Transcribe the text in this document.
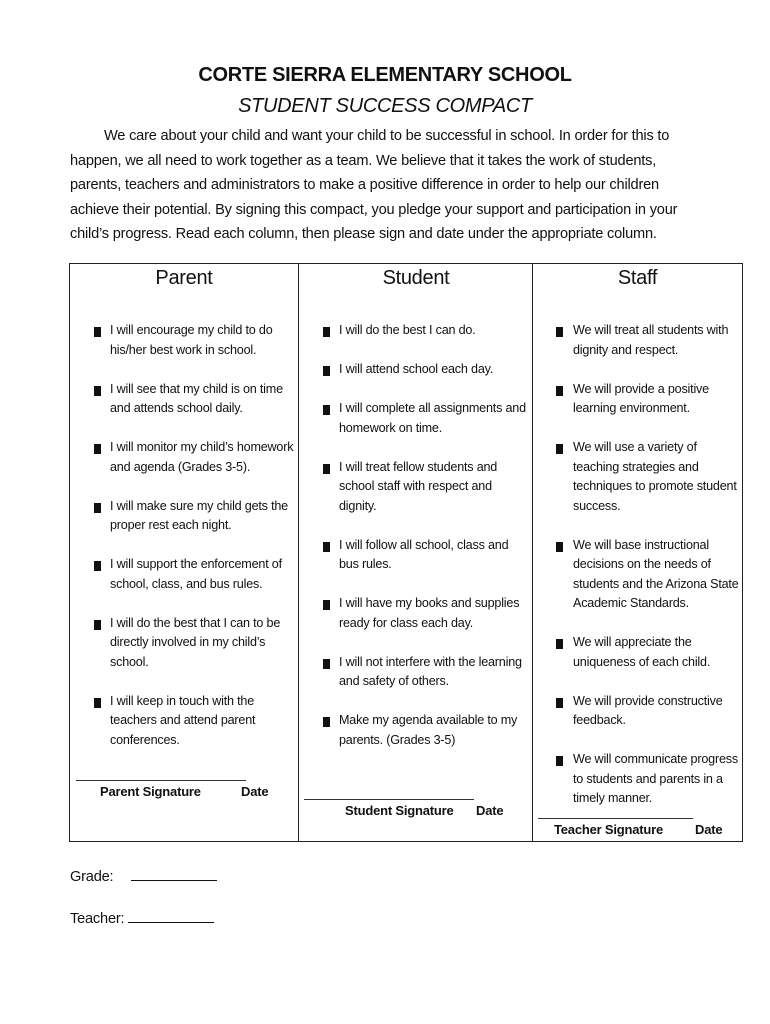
CORTE SIERRA ELEMENTARY SCHOOL
STUDENT SUCCESS COMPACT

We care about your child and want your child to be successful in school. In order for this to happen, we all need to work together as a team. We believe that it takes the work of students, parents, teachers and administrators to make a positive difference in order to help our children achieve their potential. By signing this compact, you pledge your support and participation in your child’s progress. Read each column, then please sign and date under the appropriate column.

Parent
I will encourage my child to do his/her best work in school.
I will see that my child is on time and attends school daily.
I will monitor my child’s homework and agenda (Grades 3-5).
I will make sure my child gets the proper rest each night.
I will support the enforcement of school, class, and bus rules.
I will do the best that I can to be directly involved in my child’s school.
I will keep in touch with the teachers and attend parent conferences.
Parent Signature	Date
Student
I will do the best I can do.
I will attend school each day.
I will complete all assignments and homework on time.
I will treat fellow students and school staff with respect and dignity.
I will follow all school, class and bus rules.
I will have my books and supplies ready for class each day.
I will not interfere with the learning and safety of others.
Make my agenda available to my parents. (Grades 3-5)
Student Signature Date
Staff
We will treat all students with dignity and respect.
We will provide a positive learning environment.
We will use a variety of teaching strategies and techniques to promote student success.
We will base instructional decisions on the needs of students and the Arizona State Academic Standards.
We will appreciate the uniqueness of each child.
We will provide constructive feedback.
We will communicate progress to students and parents in a timely manner.
Teacher Signature Date
Grade:
Teacher:
